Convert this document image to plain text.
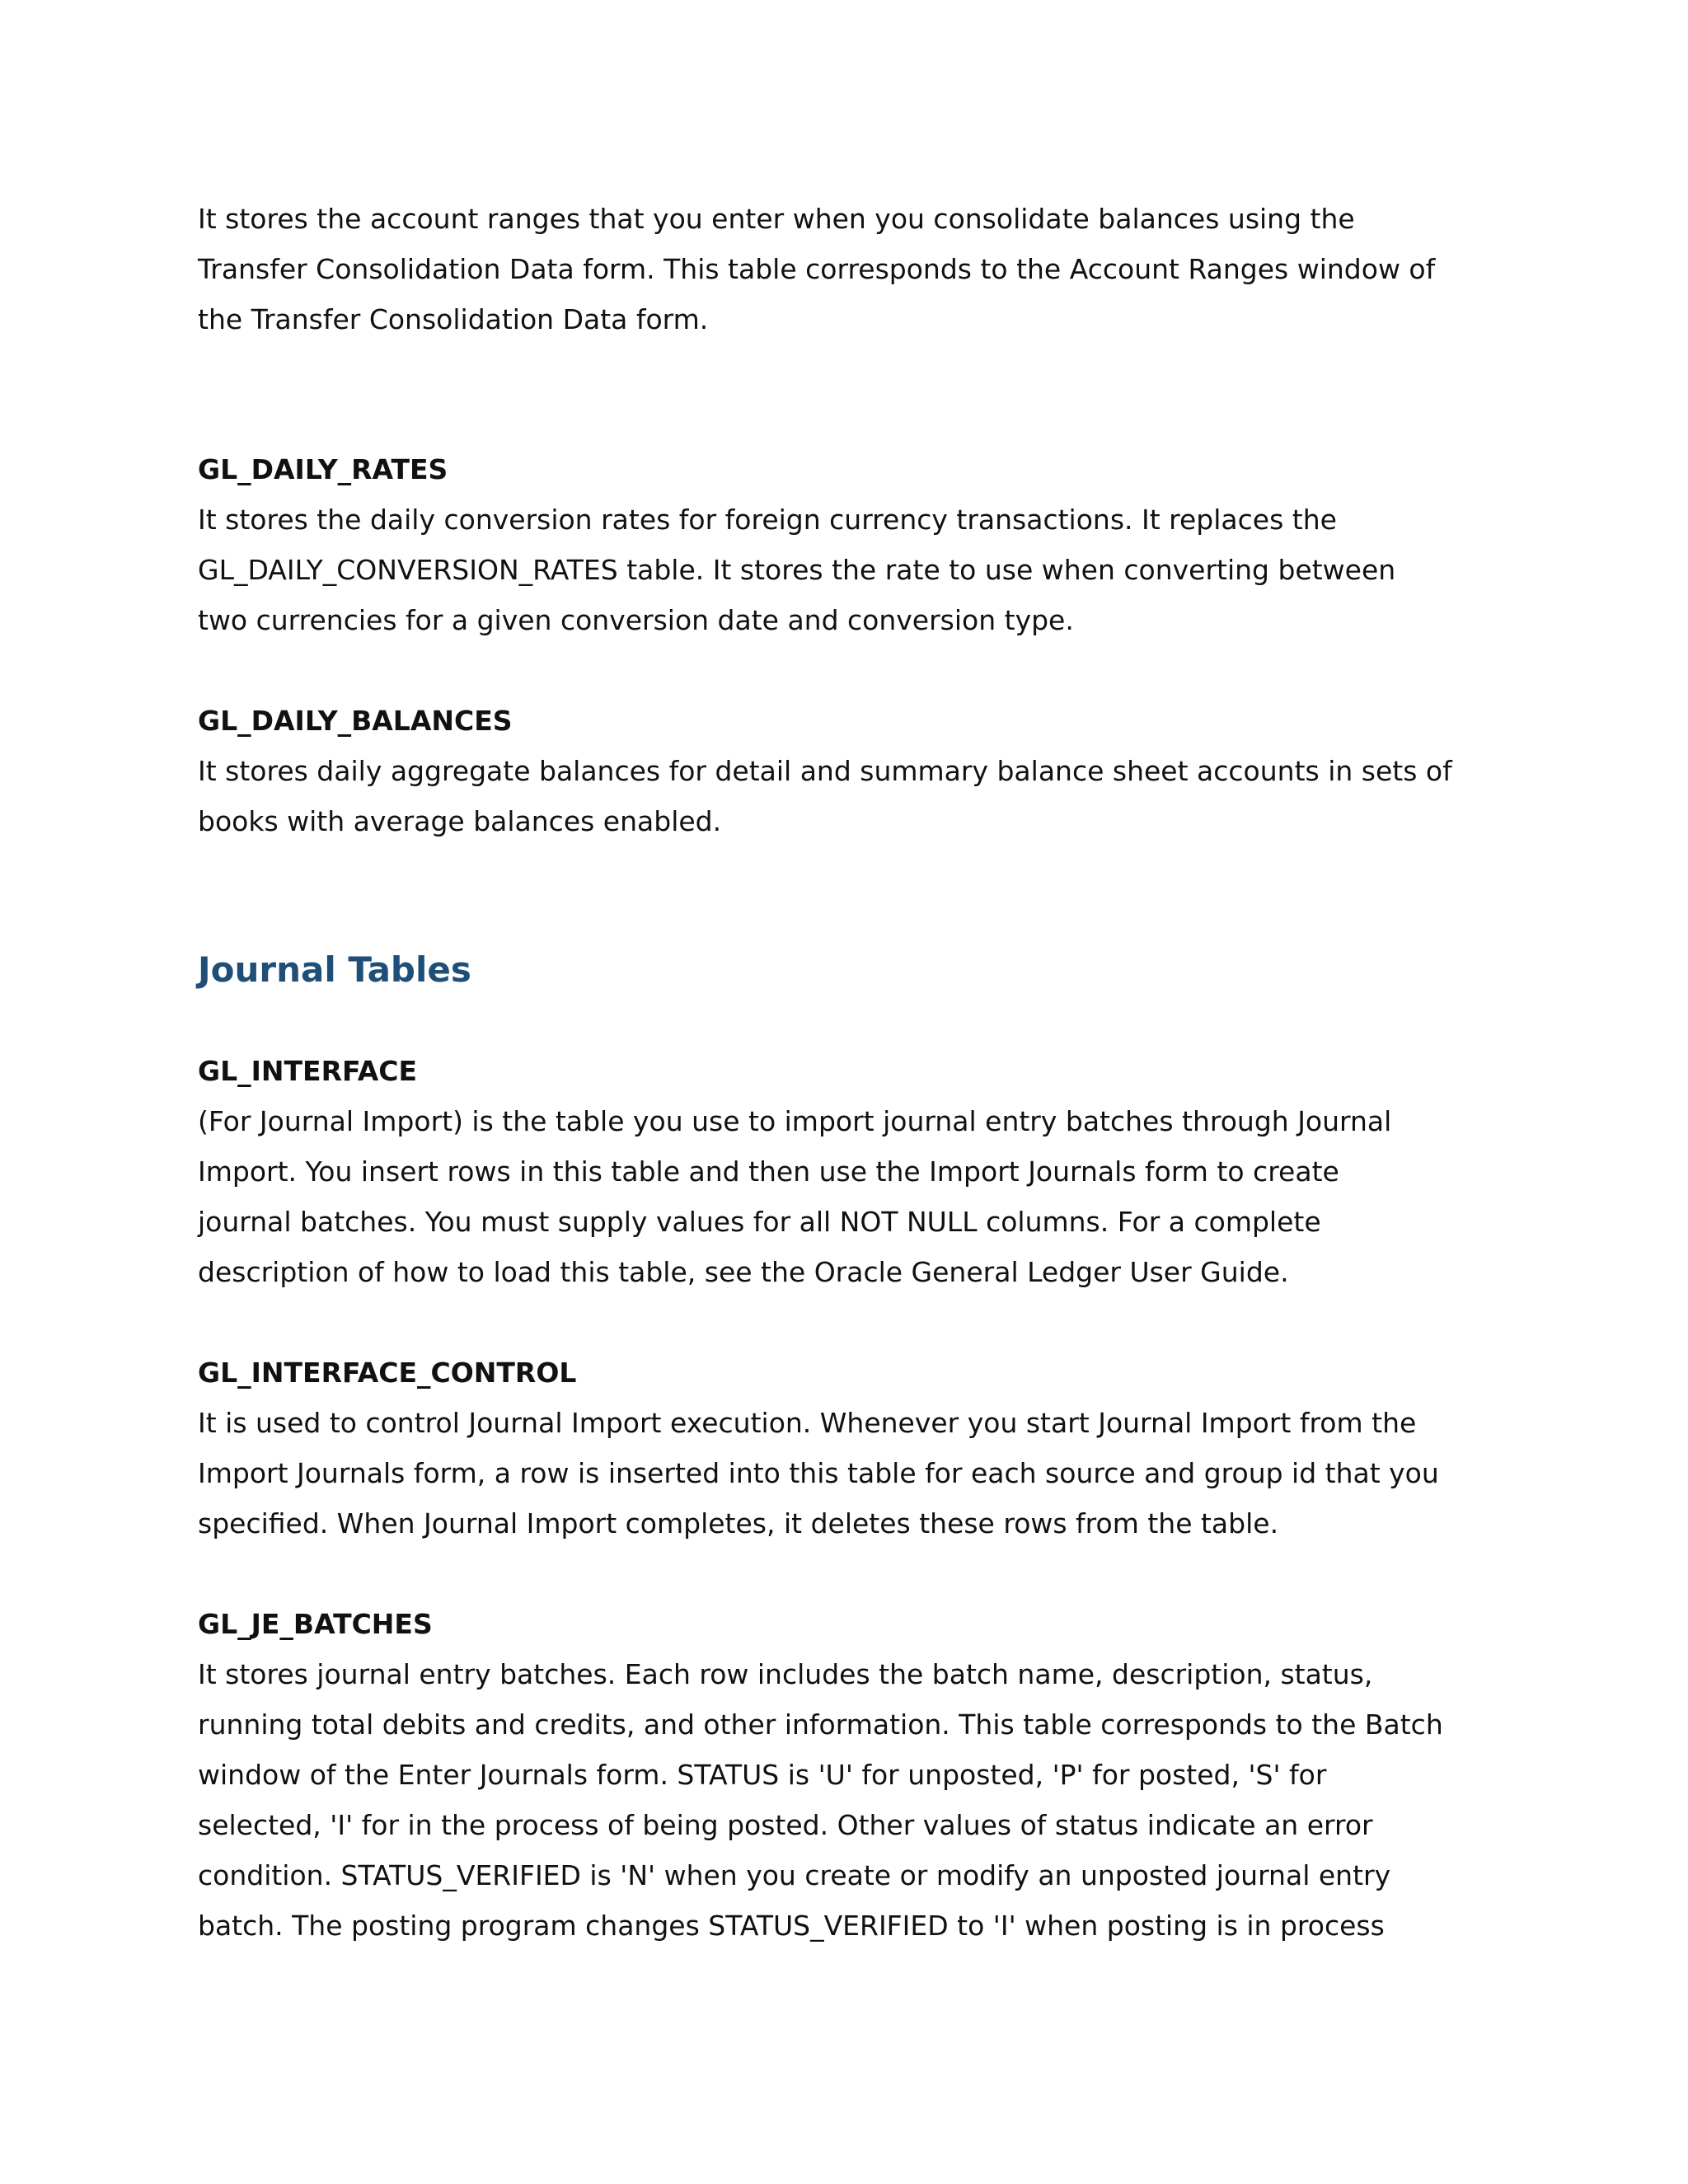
It stores the account ranges that you enter when you consolidate balances using the
Transfer Consolidation Data form. This table corresponds to the Account Ranges window of
the Transfer Consolidation Data form.

GL_DAILY_RATES

It stores the daily conversion rates for foreign currency transactions. It replaces the
GL_DAILY_CONVERSION_RATES table. It stores the rate to use when converting between
two currencies for a given conversion date and conversion type.

GL_DAILY_BALANCES

It stores daily aggregate balances for detail and summary balance sheet accounts in sets of
books with average balances enabled.

Journal Tables

GL_INTERFACE

(For Journal Import) is the table you use to import journal entry batches through Journal
Import. You insert rows in this table and then use the Import Journals form to create
journal batches. You must supply values for all NOT NULL columns. For a complete
description of how to load this table, see the Oracle General Ledger User Guide.

GL_INTERFACE_CONTROL

It is used to control Journal Import execution. Whenever you start Journal Import from the
Import Journals form, a row is inserted into this table for each source and group id that you
specified. When Journal Import completes, it deletes these rows from the table.

GL_JE_BATCHES

It stores journal entry batches. Each row includes the batch name, description, status,
running total debits and credits, and other information. This table corresponds to the Batch
window of the Enter Journals form. STATUS is 'U' for unposted, 'P' for posted, 'S' for
selected, 'I' for in the process of being posted. Other values of status indicate an error
condition. STATUS_VERIFIED is 'N' when you create or modify an unposted journal entry
batch. The posting program changes STATUS_VERIFIED to 'I' when posting is in process
